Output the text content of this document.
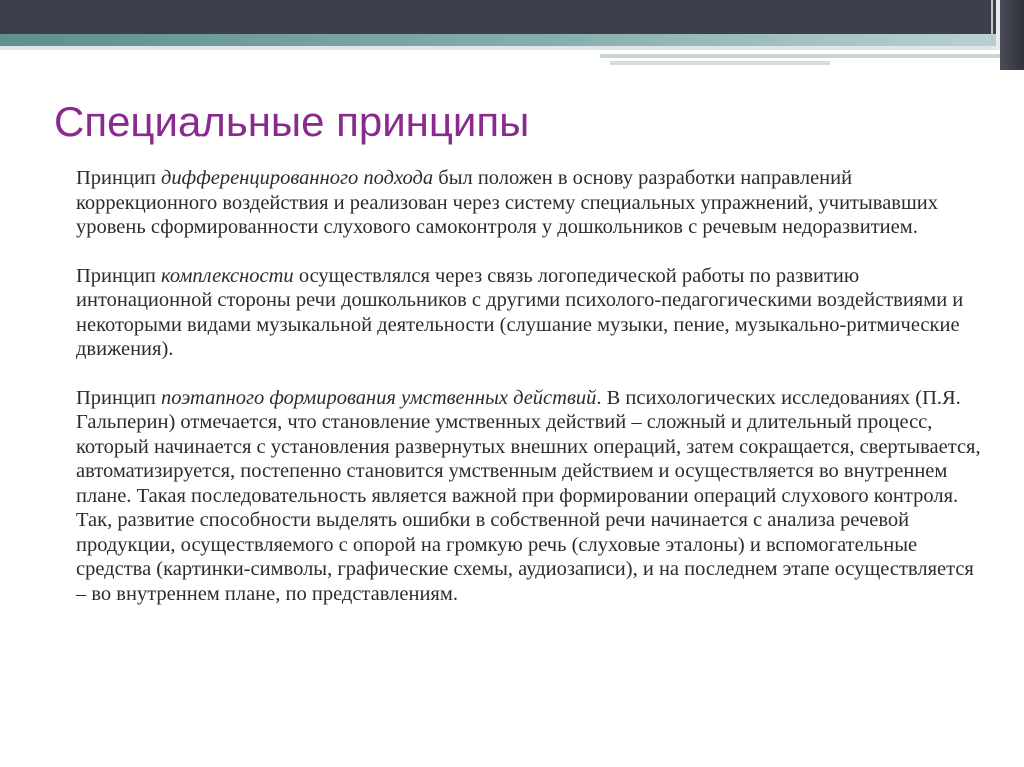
Специальные принципы

Принцип дифференцированного подхода был положен в основу разработки направлений коррекционного воздействия и реализован через систему специальных упражнений, учитывавших уровень сформированности слухового самоконтроля у дошкольников с речевым недоразвитием.

Принцип комплексности осуществлялся через связь логопедической работы по развитию интонационной стороны речи дошкольников с другими психолого-педагогическими воздействиями и некоторыми видами музыкальной деятельности (слушание музыки, пение, музыкально-ритмические движения).

Принцип поэтапного формирования умственных действий. В психологических исследованиях (П.Я. Гальперин) отмечается, что становление умственных действий – сложный и длительный процесс, который начинается с установления развернутых внешних операций, затем сокращается, свертывается, автоматизируется, постепенно становится умственным действием и осуществляется во внутреннем плане. Такая последовательность является важной при формировании операций слухового контроля. Так, развитие способности выделять ошибки в собственной речи начинается с анализа речевой продукции, осуществляемого с опорой на громкую речь (слуховые эталоны) и вспомогательные средства (картинки-символы, графические схемы, аудиозаписи), и на последнем этапе осуществляется – во внутреннем плане, по представлениям.
